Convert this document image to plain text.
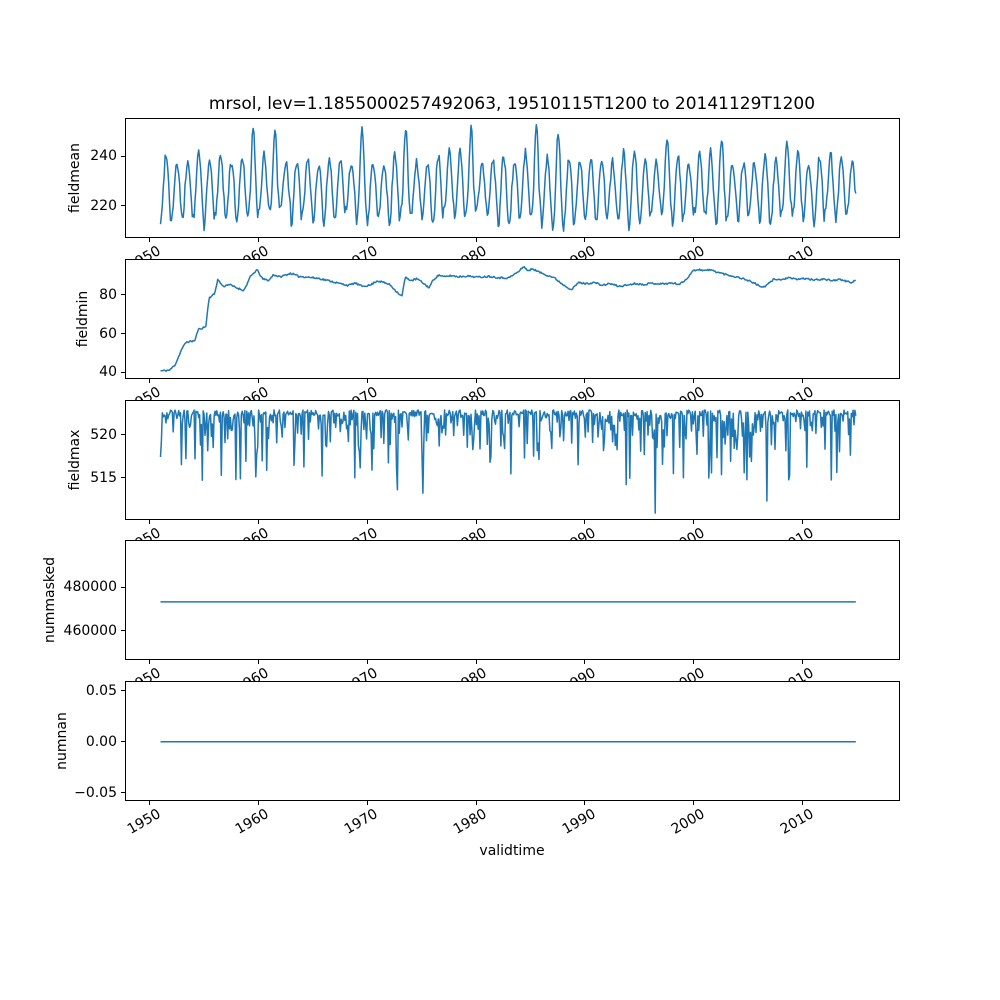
mrsol, lev=1.1855000257492063, 19510115T1200 to 20141129T1200
220
240
40
60
80
515
520
460000
480000
−0.05
0.00
0.05
1950	1960	1970	1980	1990	2000	2010
fieldmean
fieldmin
fieldmax
nummasked
numnan
validtime
